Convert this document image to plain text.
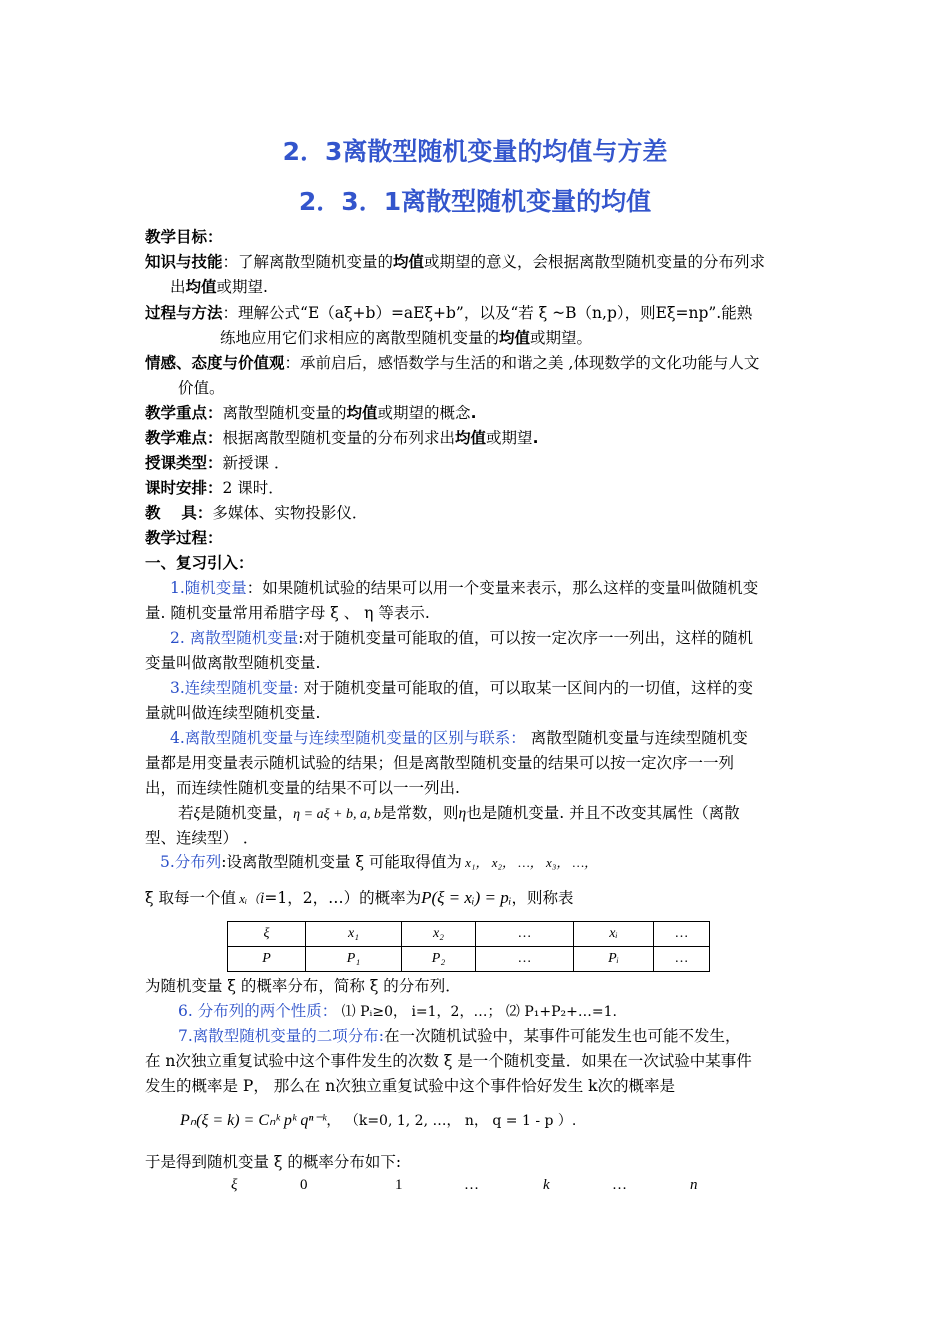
2．3离散型随机变量的均值与方差
2．3．1离散型随机变量的均值
教学目标：
知识与技能：了解离散型随机变量的均值或期望的意义，会根据离散型随机变量的分布列求
出均值或期望.
过程与方法：理解公式“E（aξ+b）=aEξ+b”，以及“若 ξ ~B（n,p），则Eξ=np”.能熟
练地应用它们求相应的离散型随机变量的均值或期望。
情感、态度与价值观：承前启后，感悟数学与生活的和谐之美 ,体现数学的文化功能与人文
价值。
教学重点：离散型随机变量的均值或期望的概念.
教学难点：根据离散型随机变量的分布列求出均值或期望.
授课类型：新授课 ．
课时安排：2 课时．
教　 具：多媒体、实物投影仪．
教学过程：
一、复习引入：
1.随机变量：如果随机试验的结果可以用一个变量来表示，那么这样的变量叫做随机变
量. 随机变量常用希腊字母 ξ 、 η 等表示.
2. 离散型随机变量:对于随机变量可能取的值，可以按一定次序一一列出，这样的随机
变量叫做离散型随机变量.
3.连续型随机变量: 对于随机变量可能取的值，可以取某一区间内的一切值，这样的变
量就叫做连续型随机变量.
4.离散型随机变量与连续型随机变量的区别与联系： 离散型随机变量与连续型随机变
量都是用变量表示随机试验的结果；但是离散型随机变量的结果可以按一定次序一一列
出，而连续性随机变量的结果不可以一一列出.
若ξ是随机变量，η = aξ + b, a, b是常数，则η也是随机变量. 并且不改变其属性（离散
型、连续型） ．
5.分布列:设离散型随机变量 ξ 可能取得值为 x₁， x₂， …， x₃， …，
ξ 取每一个值 xᵢ（i=1，2，…）的概率为P(ξ = xᵢ) = pᵢ，则称表
ξ	x₁	x₂	…	xᵢ	…
P	P₁	P₂	…	Pᵢ	…
为随机变量 ξ 的概率分布，简称 ξ 的分布列．
6. 分布列的两个性质： ⑴ Pᵢ≥0， i=1，2，…； ⑵ P₁+P₂+…=1.
7.离散型随机变量的二项分布:在一次随机试验中，某事件可能发生也可能不发生，
在 n次独立重复试验中这个事件发生的次数 ξ 是一个随机变量．如果在一次试验中某事件
发生的概率是 P， 那么在 n次独立重复试验中这个事件恰好发生 k次的概率是
Pₙ(ξ = k) = Cₙᵏ pᵏ qⁿ⁻ᵏ， （k=0, 1, 2, …， n， q = 1 - p ）.
于是得到随机变量 ξ 的概率分布如下:
ξ	0	1	…	k	…	n
